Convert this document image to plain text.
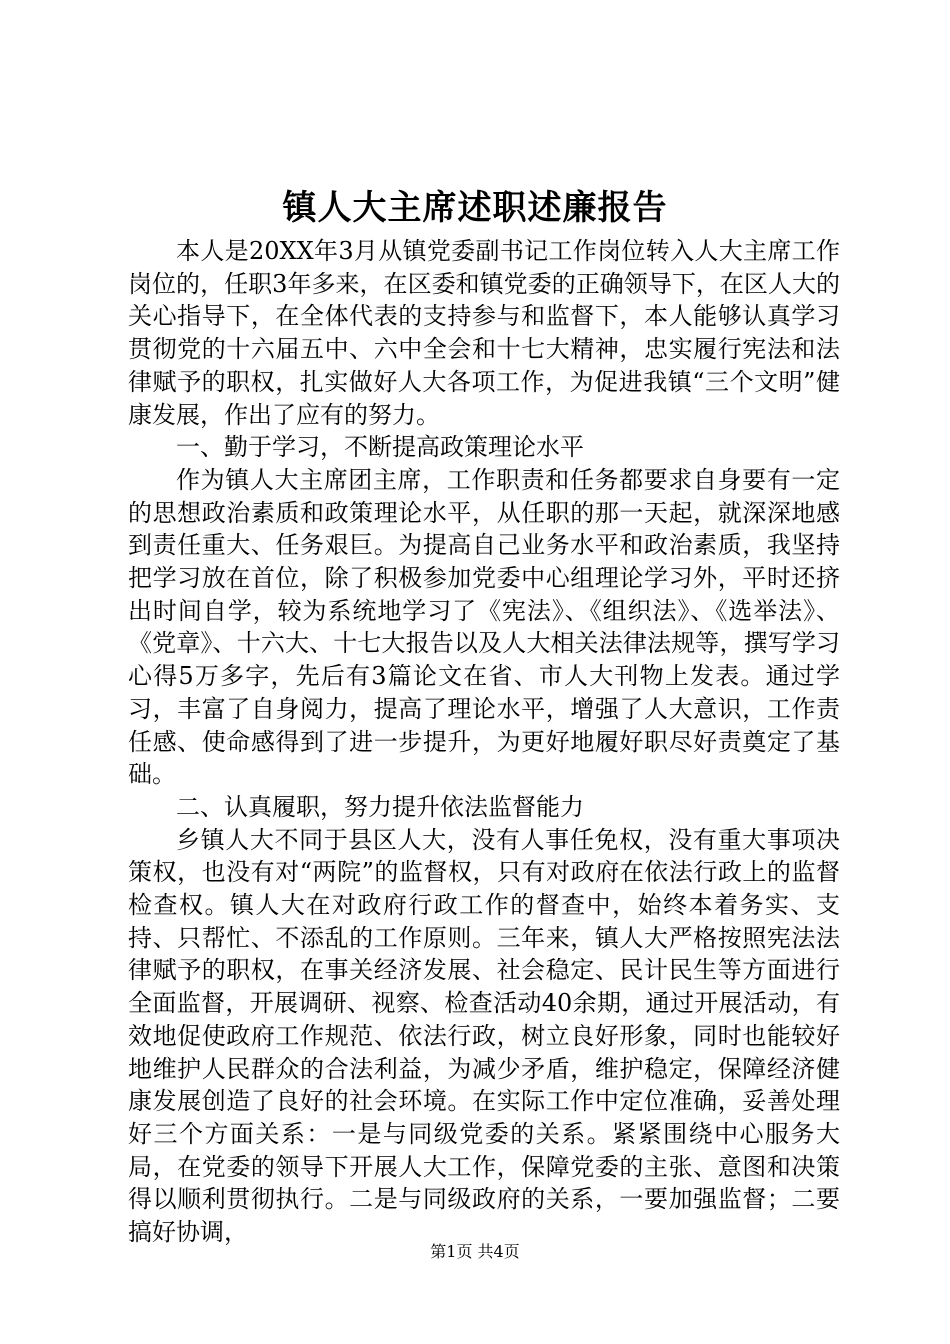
镇人大主席述职述廉报告

本人是20XX年3月从镇党委副书记工作岗位转入人大主席工作岗位的，任职3年多来，在区委和镇党委的正确领导下，在区人大的关心指导下，在全体代表的支持参与和监督下，本人能够认真学习贯彻党的十六届五中、六中全会和十七大精神，忠实履行宪法和法律赋予的职权，扎实做好人大各项工作，为促进我镇“三个文明”健康发展，作出了应有的努力。

一、勤于学习，不断提高政策理论水平

作为镇人大主席团主席，工作职责和任务都要求自身要有一定的思想政治素质和政策理论水平，从任职的那一天起，就深深地感到责任重大、任务艰巨。为提高自己业务水平和政治素质，我坚持把学习放在首位，除了积极参加党委中心组理论学习外，平时还挤出时间自学，较为系统地学习了《宪法》、《组织法》、《选举法》、《党章》、十六大、十七大报告以及人大相关法律法规等，撰写学习心得5万多字，先后有3篇论文在省、市人大刊物上发表。通过学习，丰富了自身阅力，提高了理论水平，增强了人大意识，工作责任感、使命感得到了进一步提升，为更好地履好职尽好责奠定了基础。

二、认真履职，努力提升依法监督能力

乡镇人大不同于县区人大，没有人事任免权，没有重大事项决策权，也没有对“两院”的监督权，只有对政府在依法行政上的监督检查权。镇人大在对政府行政工作的督查中，始终本着务实、支持、只帮忙、不添乱的工作原则。三年来，镇人大严格按照宪法法律赋予的职权，在事关经济发展、社会稳定、民计民生等方面进行全面监督，开展调研、视察、检查活动40余期，通过开展活动，有效地促使政府工作规范、依法行政，树立良好形象，同时也能较好地维护人民群众的合法利益，为减少矛盾，维护稳定，保障经济健康发展创造了良好的社会环境。在实际工作中定位准确，妥善处理好三个方面关系：一是与同级党委的关系。紧紧围绕中心服务大局，在党委的领导下开展人大工作，保障党委的主张、意图和决策得以顺利贯彻执行。二是与同级政府的关系，一要加强监督；二要搞好协调，

第1页 共4页
